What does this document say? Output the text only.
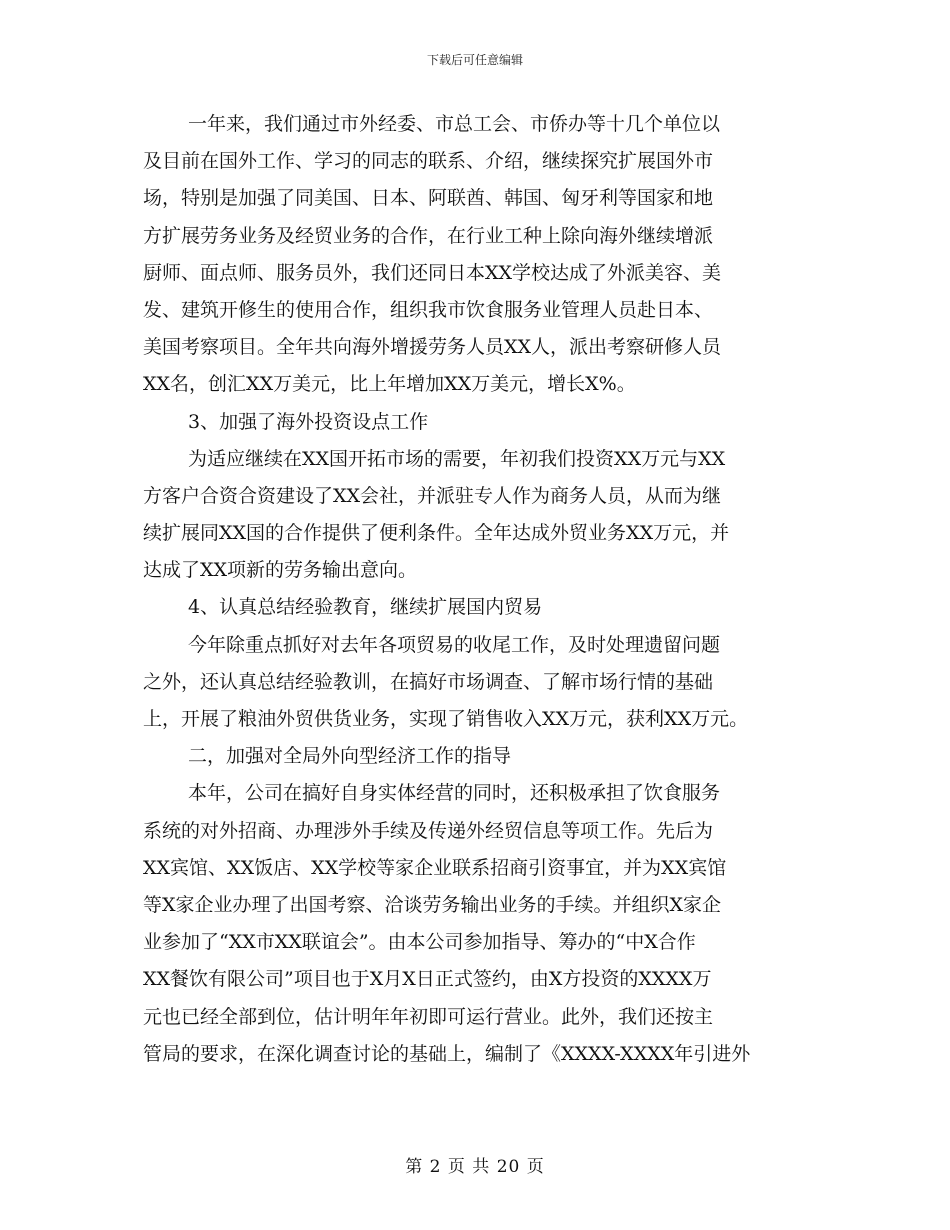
下载后可任意编辑
一年来，我们通过市外经委、市总工会、市侨办等十几个单位以
及目前在国外工作、学习的同志的联系、介绍，继续探究扩展国外市
场，特别是加强了同美国、日本、阿联酋、韩国、匈牙利等国家和地
方扩展劳务业务及经贸业务的合作，在行业工种上除向海外继续增派
厨师、面点师、服务员外，我们还同日本XX学校达成了外派美容、美
发、建筑开修生的使用合作，组织我市饮食服务业管理人员赴日本、
美国考察项目。全年共向海外增援劳务人员XX人，派出考察研修人员
XX名，创汇XX万美元，比上年增加XX万美元，增长X%。
3、加强了海外投资设点工作
为适应继续在XX国开拓市场的需要，年初我们投资XX万元与XX
方客户合资合资建设了XX会社，并派驻专人作为商务人员，从而为继
续扩展同XX国的合作提供了便利条件。全年达成外贸业务XX万元，并
达成了XX项新的劳务输出意向。
4、认真总结经验教育，继续扩展国内贸易
今年除重点抓好对去年各项贸易的收尾工作，及时处理遗留问题
之外，还认真总结经验教训，在搞好市场调查、了解市场行情的基础
上，开展了粮油外贸供货业务，实现了销售收入XX万元，获利XX万元。
二，加强对全局外向型经济工作的指导
本年，公司在搞好自身实体经营的同时，还积极承担了饮食服务
系统的对外招商、办理涉外手续及传递外经贸信息等项工作。先后为
XX宾馆、XX饭店、XX学校等家企业联系招商引资事宜，并为XX宾馆
等X家企业办理了出国考察、洽谈劳务输出业务的手续。并组织X家企
业参加了“XX市XX联谊会”。由本公司参加指导、筹办的“中X合作
XX餐饮有限公司”项目也于X月X日正式签约，由X方投资的XXXX万
元也已经全部到位，估计明年年初即可运行营业。此外，我们还按主
管局的要求，在深化调查讨论的基础上，编制了《XXXX-XXXX年引进外
第 2 页 共 20 页
